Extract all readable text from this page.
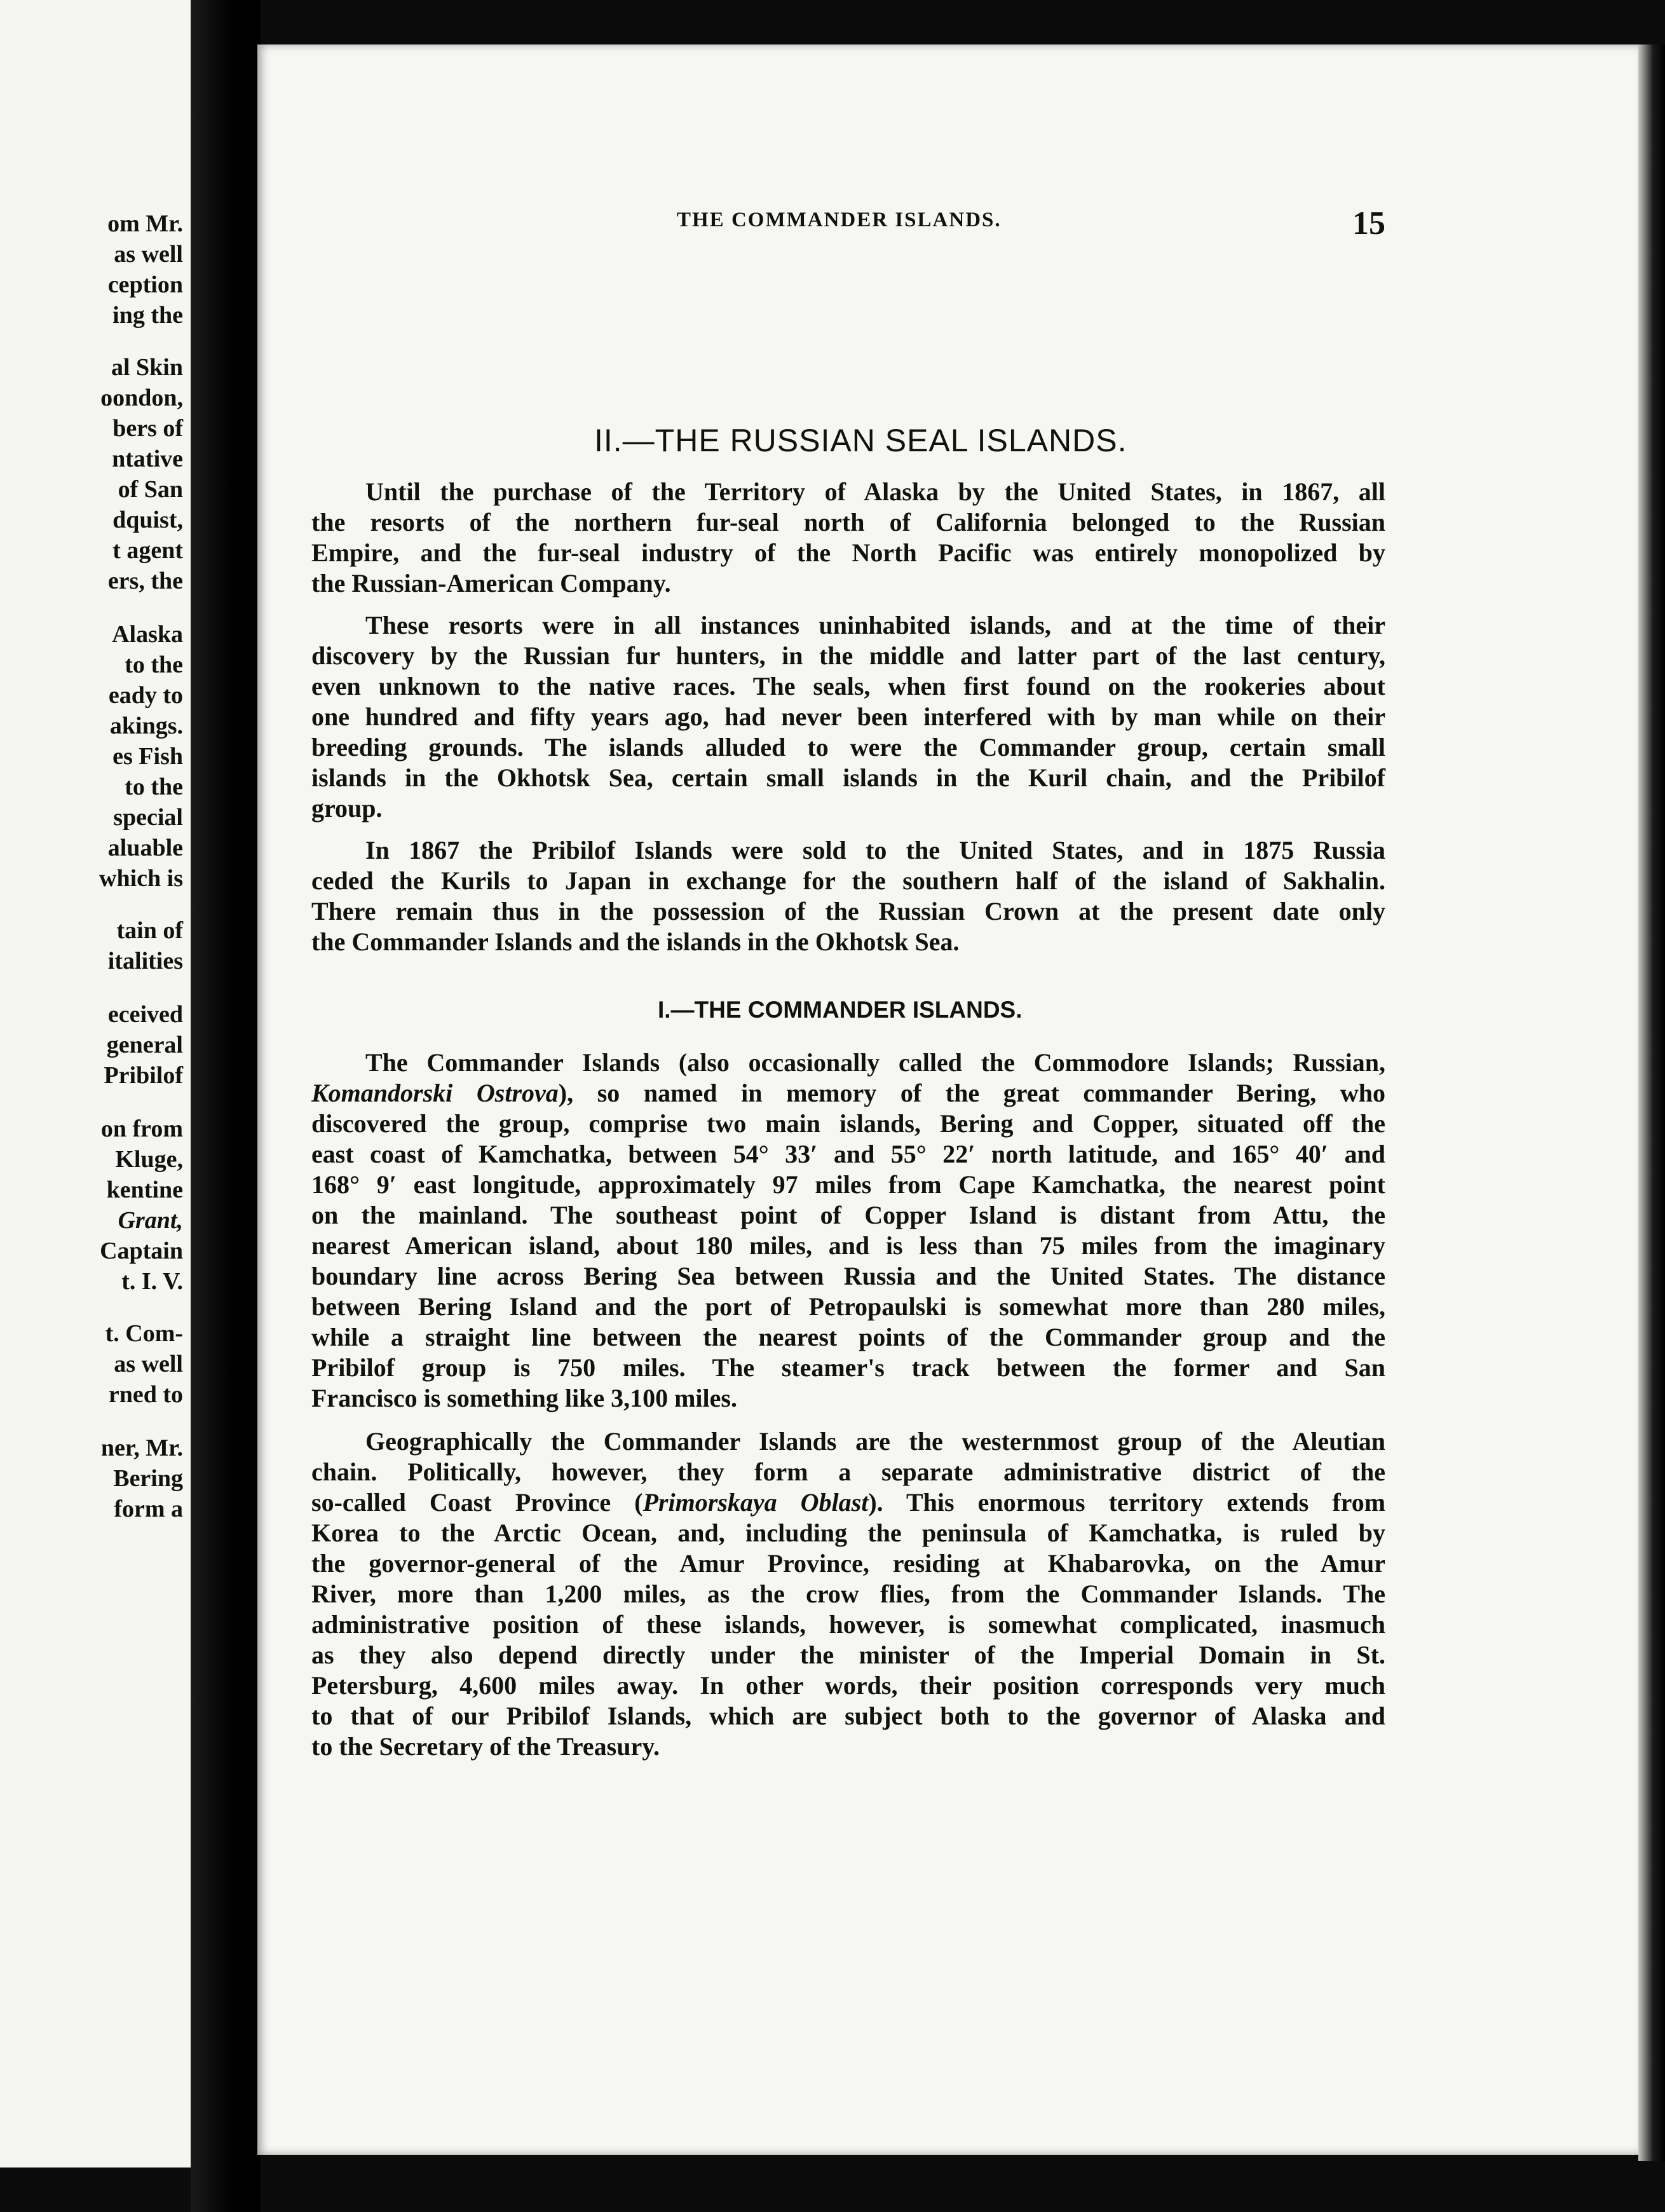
om Mr.
as well
ception
ing the
al Skin
oondon,
bers of
ntative
of San
dquist,
t agent
ers, the
Alaska
to the
eady to
akings.
es Fish
to the
special
aluable
which is
tain of
italities
eceived
general
Pribilof
on from
Kluge,
kentine
Grant,
Captain
t. I. V.
t. Com-
as well
rned to
ner, Mr.
Bering
form a
THE COMMANDER ISLANDS.	15
II.—THE RUSSIAN SEAL ISLANDS.
I.—THE COMMANDER ISLANDS.
Until the purchase of the Territory of Alaska by the United States, in 1867, all
the resorts of the northern fur-seal north of California belonged to the Russian
Empire, and the fur-seal industry of the North Pacific was entirely monopolized by
the Russian-American Company.
These resorts were in all instances uninhabited islands, and at the time of their
discovery by the Russian fur hunters, in the middle and latter part of the last century,
even unknown to the native races. The seals, when first found on the rookeries about
one hundred and fifty years ago, had never been interfered with by man while on their
breeding grounds. The islands alluded to were the Commander group, certain small
islands in the Okhotsk Sea, certain small islands in the Kuril chain, and the Pribilof
group.
In 1867 the Pribilof Islands were sold to the United States, and in 1875 Russia
ceded the Kurils to Japan in exchange for the southern half of the island of Sakhalin.
There remain thus in the possession of the Russian Crown at the present date only
the Commander Islands and the islands in the Okhotsk Sea.
The Commander Islands (also occasionally called the Commodore Islands; Russian,
Komandorski Ostrova), so named in memory of the great commander Bering, who
discovered the group, comprise two main islands, Bering and Copper, situated off the
east coast of Kamchatka, between 54° 33′ and 55° 22′ north latitude, and 165° 40′ and
168° 9′ east longitude, approximately 97 miles from Cape Kamchatka, the nearest point
on the mainland. The southeast point of Copper Island is distant from Attu, the
nearest American island, about 180 miles, and is less than 75 miles from the imaginary
boundary line across Bering Sea between Russia and the United States. The distance
between Bering Island and the port of Petropaulski is somewhat more than 280 miles,
while a straight line between the nearest points of the Commander group and the
Pribilof group is 750 miles. The steamer's track between the former and San
Francisco is something like 3,100 miles.
Geographically the Commander Islands are the westernmost group of the Aleutian
chain. Politically, however, they form a separate administrative district of the
so-called Coast Province (Primorskaya Oblast). This enormous territory extends from
Korea to the Arctic Ocean, and, including the peninsula of Kamchatka, is ruled by
the governor-general of the Amur Province, residing at Khabarovka, on the Amur
River, more than 1,200 miles, as the crow flies, from the Commander Islands. The
administrative position of these islands, however, is somewhat complicated, inasmuch
as they also depend directly under the minister of the Imperial Domain in St.
Petersburg, 4,600 miles away. In other words, their position corresponds very much
to that of our Pribilof Islands, which are subject both to the governor of Alaska and
to the Secretary of the Treasury.
